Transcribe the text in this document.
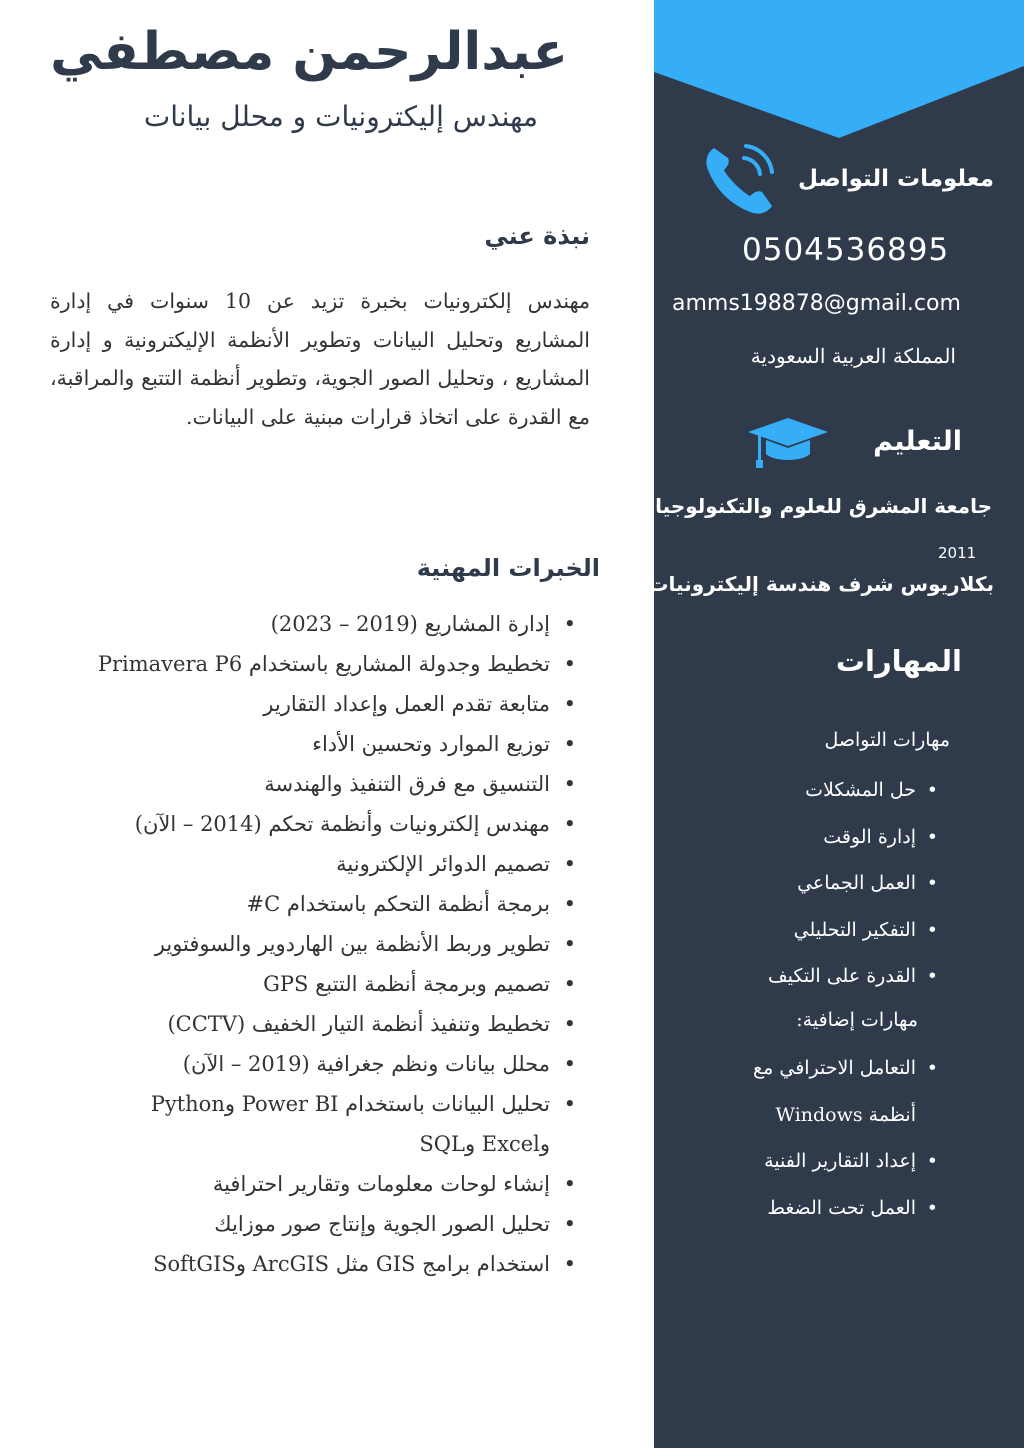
معلومات التواصل
0504536895
amms198878@gmail.com
المملكة العربية السعودية
التعليم
جامعة المشرق للعلوم والتكنولوجيا
2011
بكلاريوس شرف هندسة إليكترونيات
المهارات
مهارات التواصل
• حل المشكلات
• إدارة الوقت
• العمل الجماعي
• التفكير التحليلي
• القدرة على التكيف
مهارات إضافية:
• التعامل الاحترافي مع أنظمة Windows
• إعداد التقارير الفنية
• العمل تحت الضغط
عبدالرحمن مصطفي
مهندس إليكترونيات و محلل بيانات
نبذة عني
مهندس إلكترونيات بخبرة تزيد عن 10 سنوات في إدارة المشاريع وتحليل البيانات وتطوير الأنظمة الإليكترونية و إدارة المشاريع ، وتحليل الصور الجوية، وتطوير أنظمة التتبع والمراقبة، مع القدرة على اتخاذ قرارات مبنية على البيانات.
الخبرات المهنية
• إدارة المشاريع (2019 – 2023)
• تخطيط وجدولة المشاريع باستخدام Primavera P6
• متابعة تقدم العمل وإعداد التقارير
• توزيع الموارد وتحسين الأداء
• التنسيق مع فرق التنفيذ والهندسة
• مهندس إلكترونيات وأنظمة تحكم (2014 – الآن)
• تصميم الدوائر الإلكترونية
• برمجة أنظمة التحكم باستخدام C#
• تطوير وربط الأنظمة بين الهاردوير والسوفتوير
• تصميم وبرمجة أنظمة التتبع GPS
• تخطيط وتنفيذ أنظمة التيار الخفيف (CCTV)
• محلل بيانات ونظم جغرافية (2019 – الآن)
• تحليل البيانات باستخدام Power BI وPython وExcel وSQL
• إنشاء لوحات معلومات وتقارير احترافية
• تحليل الصور الجوية وإنتاج صور موزايك
• استخدام برامج GIS مثل ArcGIS وSoftGIS
